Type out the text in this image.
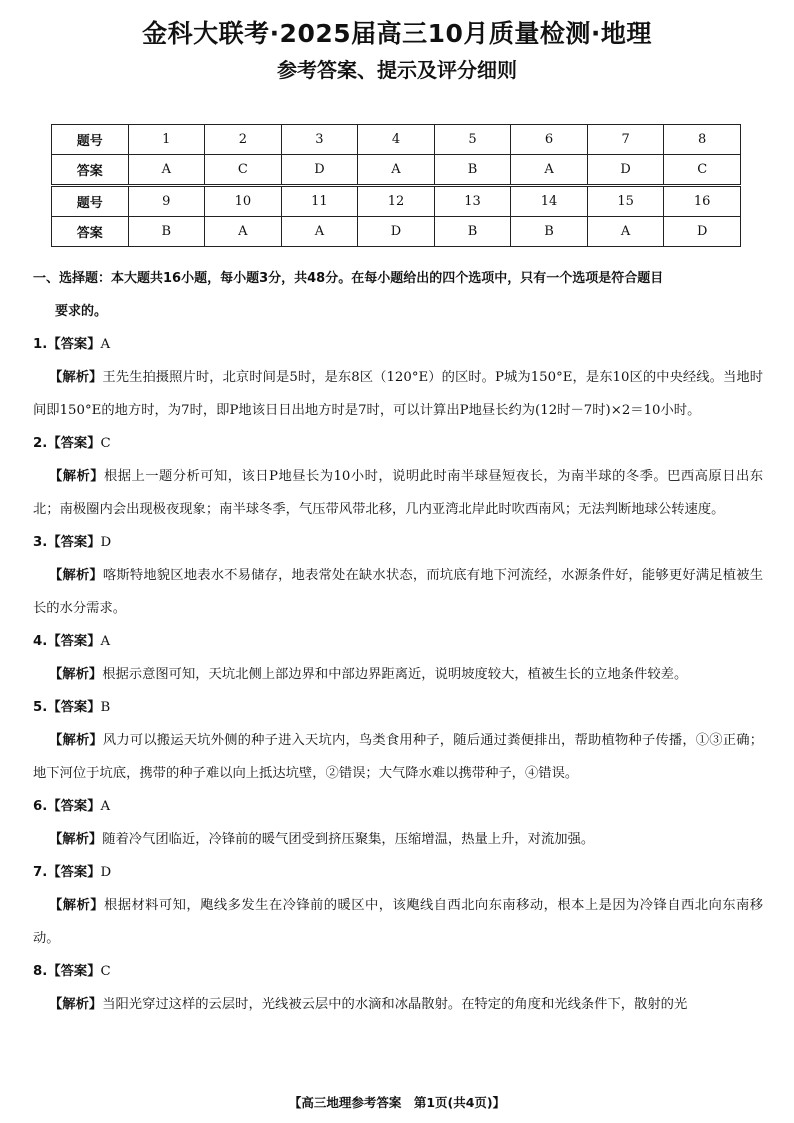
金科大联考·2025届高三10月质量检测·地理
参考答案、提示及评分细则
题号	1	2	3	4	5	6	7	8
答案	A	C	D	A	B	A	D	C
题号	9	10	11	12	13	14	15	16
答案	B	A	A	D	B	B	A	D

一、选择题：本大题共16小题，每小题3分，共48分。在每小题给出的四个选项中，只有一个选项是符合题目
要求的。

1.【答案】A

【解析】王先生拍摄照片时，北京时间是5时，是东8区（120°E）的区时。P城为150°E，是东10区的中央经线。当地时间即150°E的地方时，为7时，即P地该日日出地方时是7时，可以计算出P地昼长约为(12时－7时)×2＝10小时。

2.【答案】C

【解析】根据上一题分析可知，该日P地昼长为10小时，说明此时南半球昼短夜长，为南半球的冬季。巴西高原日出东北；南极圈内会出现极夜现象；南半球冬季，气压带风带北移，几内亚湾北岸此时吹西南风；无法判断地球公转速度。

3.【答案】D

【解析】喀斯特地貌区地表水不易储存，地表常处在缺水状态，而坑底有地下河流经，水源条件好，能够更好满足植被生长的水分需求。

4.【答案】A

【解析】根据示意图可知，天坑北侧上部边界和中部边界距离近，说明坡度较大，植被生长的立地条件较差。

5.【答案】B

【解析】风力可以搬运天坑外侧的种子进入天坑内，鸟类食用种子，随后通过粪便排出，帮助植物种子传播，①③正确；地下河位于坑底，携带的种子难以向上抵达坑壁，②错误；大气降水难以携带种子，④错误。

6.【答案】A

【解析】随着冷气团临近，冷锋前的暖气团受到挤压聚集，压缩增温，热量上升，对流加强。

7.【答案】D

【解析】根据材料可知，飑线多发生在冷锋前的暖区中，该飑线自西北向东南移动，根本上是因为冷锋自西北向东南移动。

8.【答案】C

【解析】当阳光穿过这样的云层时，光线被云层中的水滴和冰晶散射。在特定的角度和光线条件下，散射的光

【高三地理参考答案　第1页(共4页)】
